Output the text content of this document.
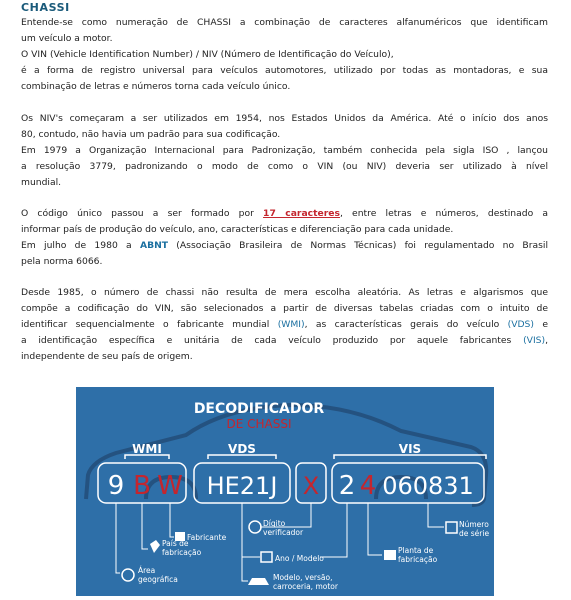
CHASSI
Entende-se como numeração de CHASSI a combinação de caracteres alfanuméricos que identificam
um veículo a motor.
O VIN (Vehicle Identification Number) / NIV (Número de Identificação do Veículo),
é a forma de registro universal para veículos automotores, utilizado por todas as montadoras, e sua
combinação de letras e números torna cada veículo único.
Os NIV's começaram a ser utilizados em 1954, nos Estados Unidos da América. Até o início dos anos
80, contudo, não havia um padrão para sua codificação.
Em 1979 a Organização Internacional para Padronização, também conhecida pela sigla ISO , lançou
a resolução 3779, padronizando o modo de como o VIN (ou NIV) deveria ser utilizado à nível
mundial.
O código único passou a ser formado por 17 caracteres, entre letras e números, destinado a
informar país de produção do veículo, ano, características e diferenciação para cada unidade.
Em julho de 1980 a ABNT (Associação Brasileira de Normas Técnicas) foi regulamentado no Brasil
pela norma 6066.
Desde 1985, o número de chassi não resulta de mera escolha aleatória. As letras e algarismos que
compõe a codificação do VIN, são selecionados a partir de diversas tabelas criadas com o intuito de
identificar sequencialmente o fabricante mundial (WMI), as características gerais do veículo (VDS) e
a identificação específica e unitária de cada veículo produzido por aquele fabricantes (VIS),
independente de seu país de origem.
DECODIFICADOR
DE CHASSI
WMI	VDS	VIS
9 B W HE21J X 2 4 060831
Fabricante
País de
fabricação
Área
geográfica
Dígito
verificador
Ano / Modelo
Modelo, versão,
carroceria, motor
Planta de
fabricação
Número
de série
